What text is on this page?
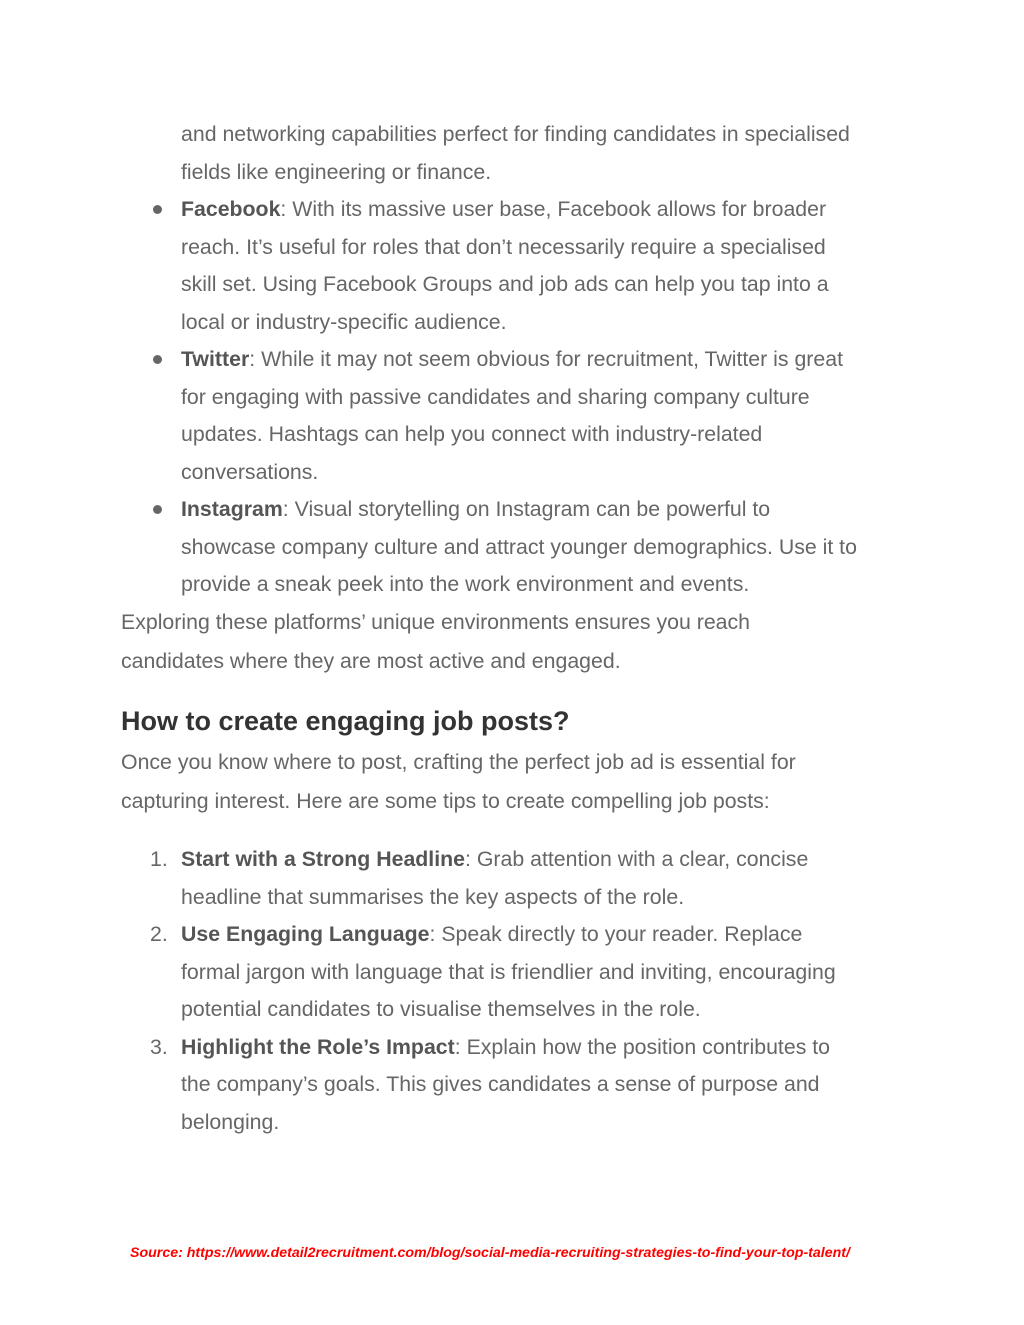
How to create engaging job posts?
Source: https://www.detail2recruitment.com/blog/social-media-recruiting-strategies-to-find-your-top-talent/
and networking capabilities perfect for finding candidates in specialised
fields like engineering or finance.
Facebook: With its massive user base, Facebook allows for broader
reach. It’s useful for roles that don’t necessarily require a specialised
skill set. Using Facebook Groups and job ads can help you tap into a
local or industry-specific audience.
Twitter: While it may not seem obvious for recruitment, Twitter is great
for engaging with passive candidates and sharing company culture
updates. Hashtags can help you connect with industry-related
conversations.
Instagram: Visual storytelling on Instagram can be powerful to
showcase company culture and attract younger demographics. Use it to
provide a sneak peek into the work environment and events.
Exploring these platforms’ unique environments ensures you reach
candidates where they are most active and engaged.
Once you know where to post, crafting the perfect job ad is essential for
capturing interest. Here are some tips to create compelling job posts:
1. Start with a Strong Headline: Grab attention with a clear, concise
headline that summarises the key aspects of the role.
2. Use Engaging Language: Speak directly to your reader. Replace
formal jargon with language that is friendlier and inviting, encouraging
potential candidates to visualise themselves in the role.
3. Highlight the Role’s Impact: Explain how the position contributes to
the company’s goals. This gives candidates a sense of purpose and
belonging.
